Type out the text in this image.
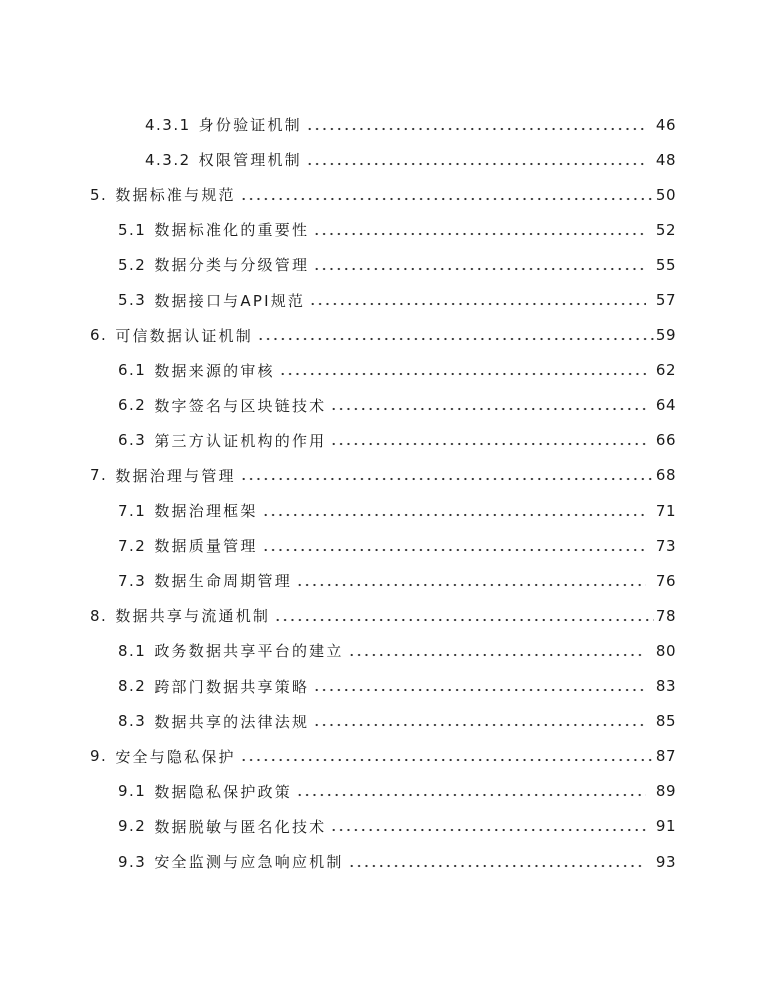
4.3.1 身份验证机制	46
4.3.2 权限管理机制	48
5. 数据标准与规范	50
5.1 数据标准化的重要性	52
5.2 数据分类与分级管理	55
5.3 数据接口与API规范	57
6. 可信数据认证机制	59
6.1 数据来源的审核	62
6.2 数字签名与区块链技术	64
6.3 第三方认证机构的作用	66
7. 数据治理与管理	68
7.1 数据治理框架	71
7.2 数据质量管理	73
7.3 数据生命周期管理	76
8. 数据共享与流通机制	78
8.1 政务数据共享平台的建立	80
8.2 跨部门数据共享策略	83
8.3 数据共享的法律法规	85
9. 安全与隐私保护	87
9.1 数据隐私保护政策	89
9.2 数据脱敏与匿名化技术	91
9.3 安全监测与应急响应机制	93
